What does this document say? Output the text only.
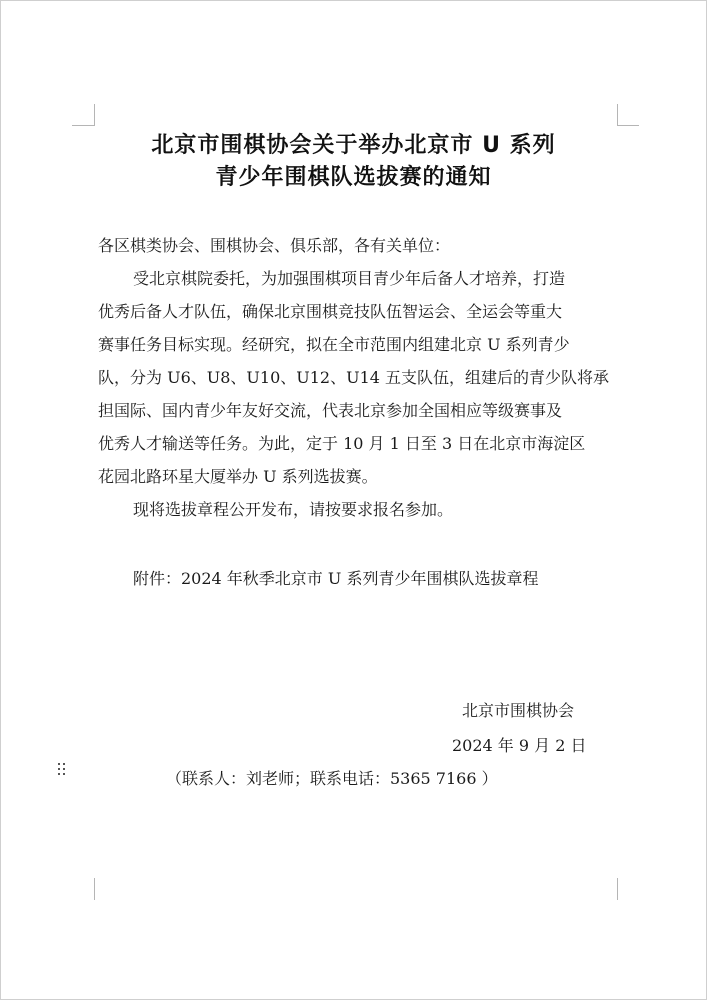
北京市围棋协会关于举办北京市 U 系列
青少年围棋队选拔赛的通知
各区棋类协会、围棋协会、俱乐部，各有关单位：
受北京棋院委托，为加强围棋项目青少年后备人才培养，打造
优秀后备人才队伍，确保北京围棋竞技队伍智运会、全运会等重大
赛事任务目标实现。经研究，拟在全市范围内组建北京 U 系列青少
队，分为 U6、U8、U10、U12、U14 五支队伍，组建后的青少队将承
担国际、国内青少年友好交流，代表北京参加全国相应等级赛事及
优秀人才输送等任务。为此，定于 10 月 1 日至 3 日在北京市海淀区
花园北路环星大厦举办 U 系列选拔赛。
现将选拔章程公开发布，请按要求报名参加。
附件：2024 年秋季北京市 U 系列青少年围棋队选拔章程
北京市围棋协会
2024 年 9 月 2 日
（联系人：刘老师；联系电话：5365 7166 ）
